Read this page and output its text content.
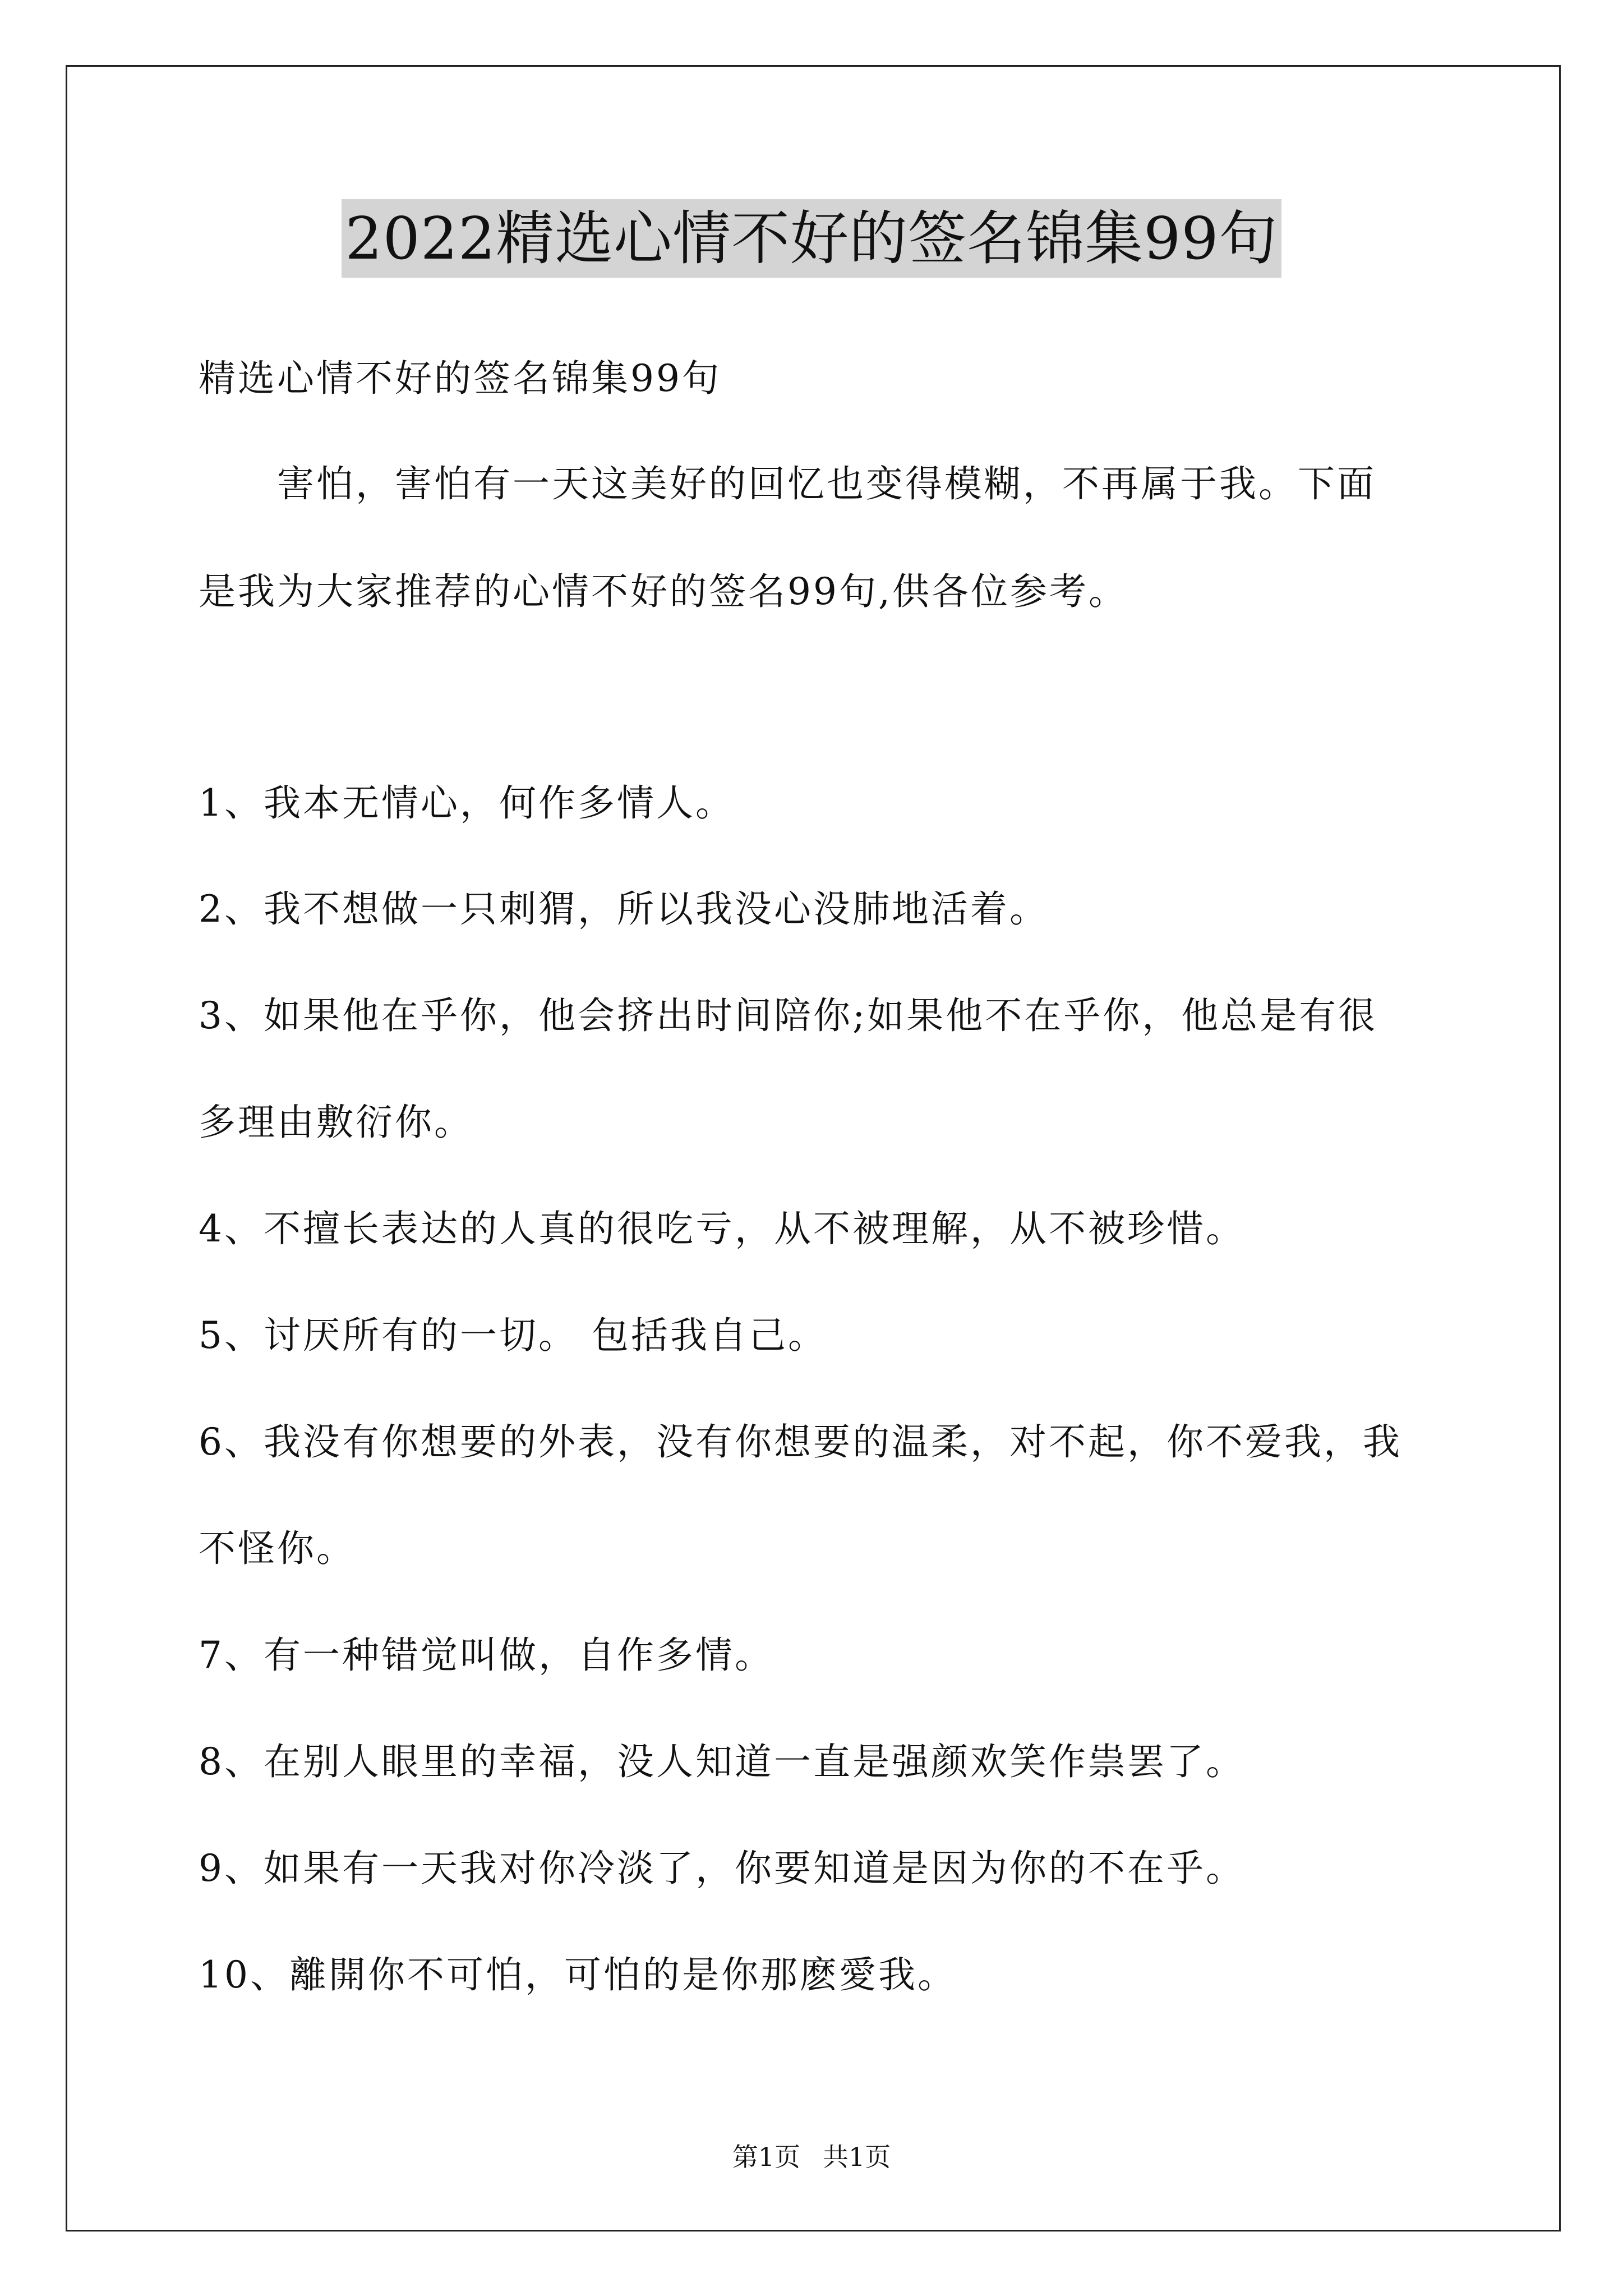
2022精选心情不好的签名锦集99句
精选心情不好的签名锦集99句
害怕，害怕有一天这美好的回忆也变得模糊，不再属于我。下面
是我为大家推荐的心情不好的签名99句,供各位参考。
1、我本无情心，何作多情人。
2、我不想做一只刺猬，所以我没心没肺地活着。
3、如果他在乎你，他会挤出时间陪你;如果他不在乎你，他总是有很
多理由敷衍你。
4、不擅长表达的人真的很吃亏，从不被理解，从不被珍惜。
5、讨厌所有的一切。 包括我自己。
6、我没有你想要的外表，没有你想要的温柔，对不起，你不爱我，我
不怪你。
7、有一种错觉叫做，自作多情。
8、在别人眼里的幸福，没人知道一直是强颜欢笑作祟罢了。
9、如果有一天我对你冷淡了，你要知道是因为你的不在乎。
10、離開你不可怕，可怕的是你那麽愛我。
第1页 共1页
